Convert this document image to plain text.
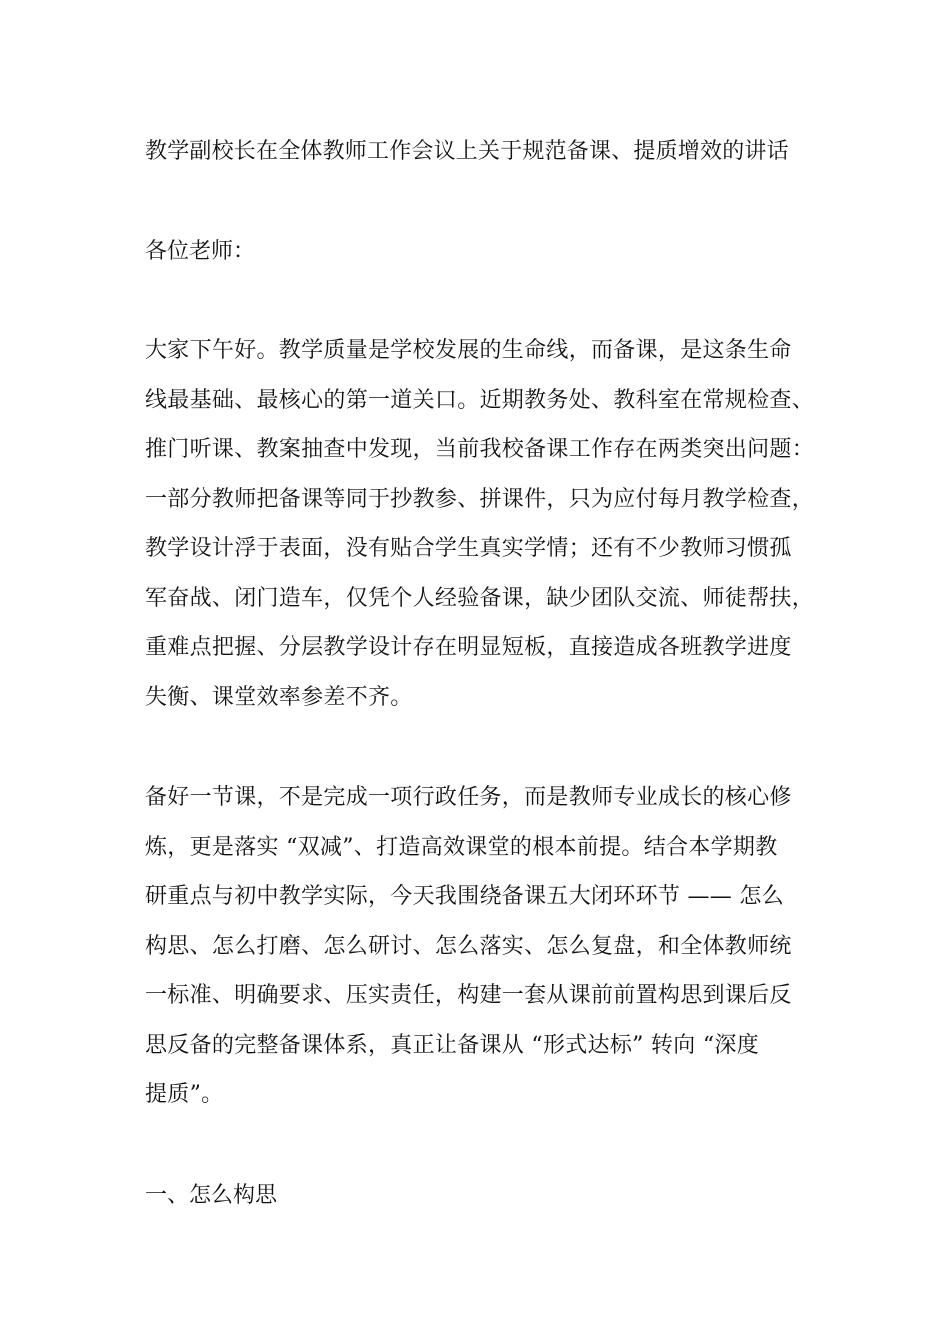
教学副校长在全体教师工作会议上关于规范备课、提质增效的讲话
各位老师：
大家下午好。教学质量是学校发展的生命线，而备课，是这条生命
线最基础、最核心的第一道关口。近期教务处、教科室在常规检查、
推门听课、教案抽查中发现，当前我校备课工作存在两类突出问题：
一部分教师把备课等同于抄教参、拼课件，只为应付每月教学检查，
教学设计浮于表面，没有贴合学生真实学情；还有不少教师习惯孤
军奋战、闭门造车，仅凭个人经验备课，缺少团队交流、师徒帮扶，
重难点把握、分层教学设计存在明显短板，直接造成各班教学进度
失衡、课堂效率参差不齐。
备好一节课，不是完成一项行政任务，而是教师专业成长的核心修
炼，更是落实 “双减”、打造高效课堂的根本前提。结合本学期教
研重点与初中教学实际，今天我围绕备课五大闭环环节 —— 怎么
构思、怎么打磨、怎么研讨、怎么落实、怎么复盘，和全体教师统
一标准、明确要求、压实责任，构建一套从课前前置构思到课后反
思反备的完整备课体系，真正让备课从 “形式达标” 转向 “深度
提质”。
一、怎么构思
